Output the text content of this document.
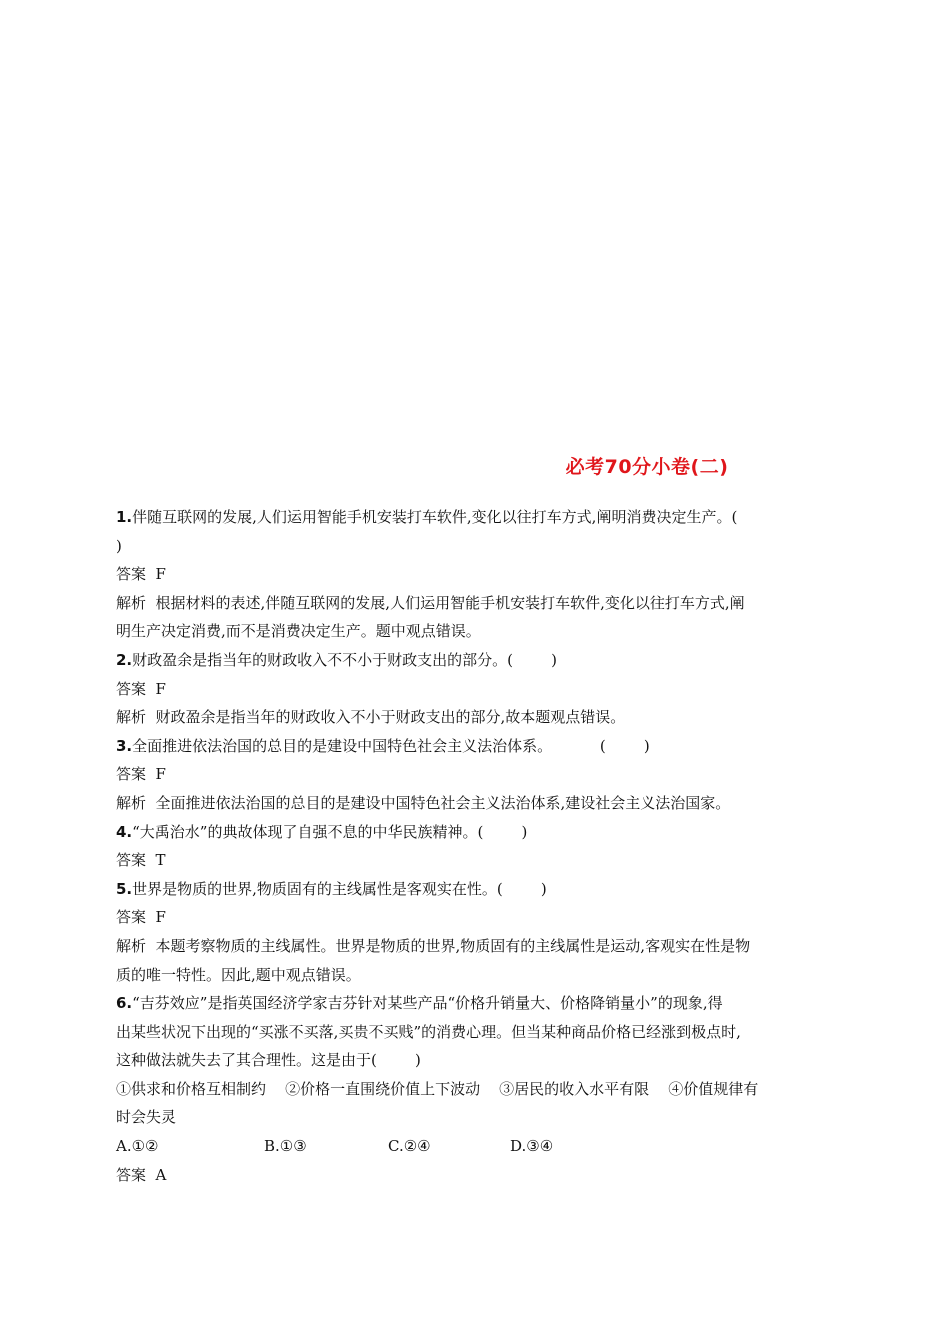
必考70分小卷(二)
1.伴随互联网的发展,人们运用智能手机安装打车软件,变化以往打车方式,阐明消费决定生产。(
)
答案  F
解析  根据材料的表述,伴随互联网的发展,人们运用智能手机安装打车软件,变化以往打车方式,阐
明生产决定消费,而不是消费决定生产。题中观点错误。
2.财政盈余是指当年的财政收入不不小于财政支出的部分。(        )
答案  F
解析  财政盈余是指当年的财政收入不小于财政支出的部分,故本题观点错误。
3.全面推进依法治国的总目的是建设中国特色社会主义法治体系。          (        )
答案  F
解析  全面推进依法治国的总目的是建设中国特色社会主义法治体系,建设社会主义法治国家。
4.“大禹治水”的典故体现了自强不息的中华民族精神。(        )
答案  T
5.世界是物质的世界,物质固有的主线属性是客观实在性。(        )
答案  F
解析  本题考察物质的主线属性。世界是物质的世界,物质固有的主线属性是运动,客观实在性是物
质的唯一特性。因此,题中观点错误。
6.“吉芬效应”是指英国经济学家吉芬针对某些产品“价格升销量大、价格降销量小”的现象,得
出某些状况下出现的“买涨不买落,买贵不买贱”的消费心理。但当某种商品价格已经涨到极点时,
这种做法就失去了其合理性。这是由于(        )
①供求和价格互相制约    ②价格一直围绕价值上下波动    ③居民的收入水平有限    ④价值规律有
时会失灵
A.①②	B.①③	C.②④	D.③④
答案  A
